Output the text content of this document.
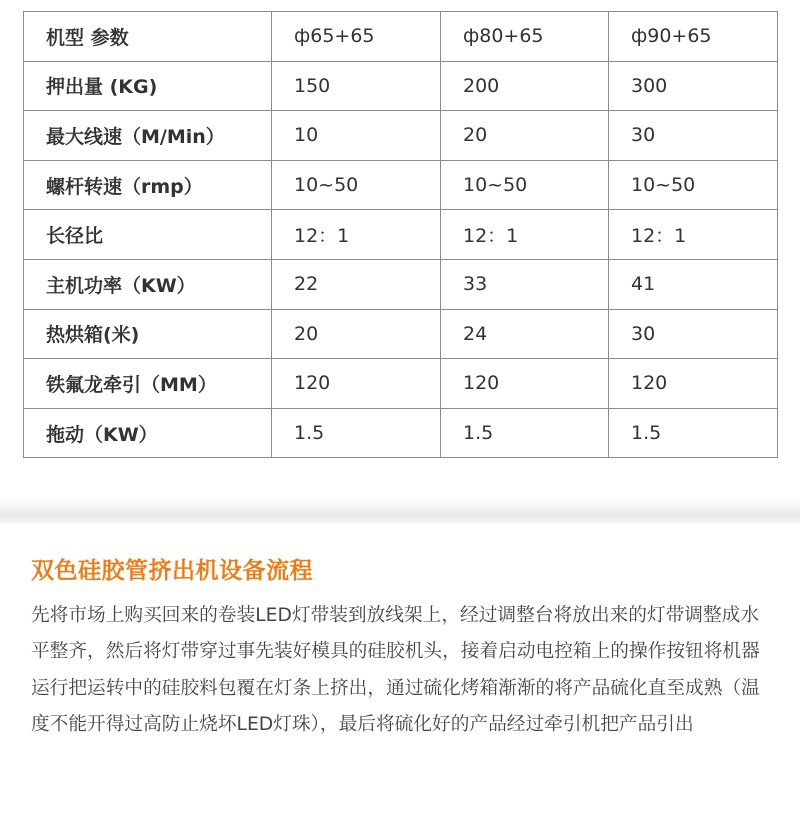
机型 参数	ф65+65	ф80+65	ф90+65
押出量 (KG)	150	200	300
最大线速（M/Min）	10	20	30
螺杆转速（rmp）	10~50	10~50	10~50
长径比	12：1	12：1	12：1
主机功率（KW）	22	33	41
热烘箱(米)	20	24	30
铁氟龙牵引（MM）	120	120	120
拖动（KW）	1.5	1.5	1.5
双色硅胶管挤出机设备流程

先将市场上购买回来的卷装LED灯带装到放线架上，经过调整台将放出来的灯带调整成水平整齐，然后将灯带穿过事先装好模具的硅胶机头，接着启动电控箱上的操作按钮将机器运行把运转中的硅胶料包覆在灯条上挤出，通过硫化烤箱渐渐的将产品硫化直至成熟（温度不能开得过高防止烧坏LED灯珠），最后将硫化好的产品经过牵引机把产品引出
